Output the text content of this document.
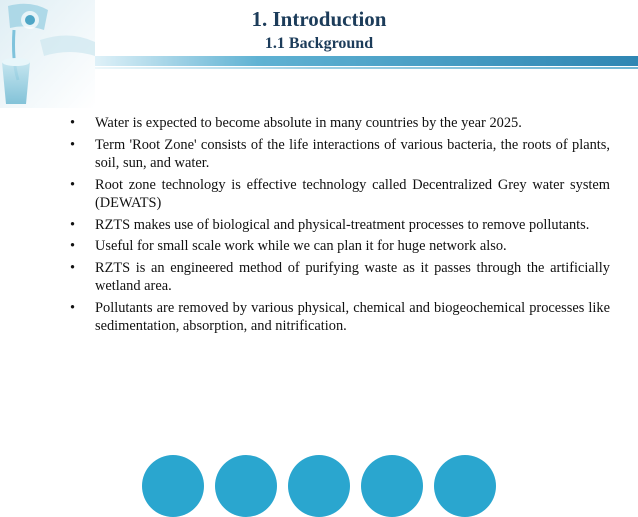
1. Introduction
1.1 Background
• Water is expected to become absolute in many countries by the year 2025.
• Term 'Root Zone' consists of the life interactions of various bacteria, the roots of plants, soil, sun, and water.
• Root zone technology is effective technology called Decentralized Grey water system (DEWATS)
• RZTS makes use of biological and physical-treatment processes to remove pollutants.
• Useful for small scale work while we can plan it for huge network also.
• RZTS is an engineered method of purifying waste as it passes through the artificially wetland area.
• Pollutants are removed by various physical, chemical and biogeochemical processes like sedimentation, absorption, and nitrification.
